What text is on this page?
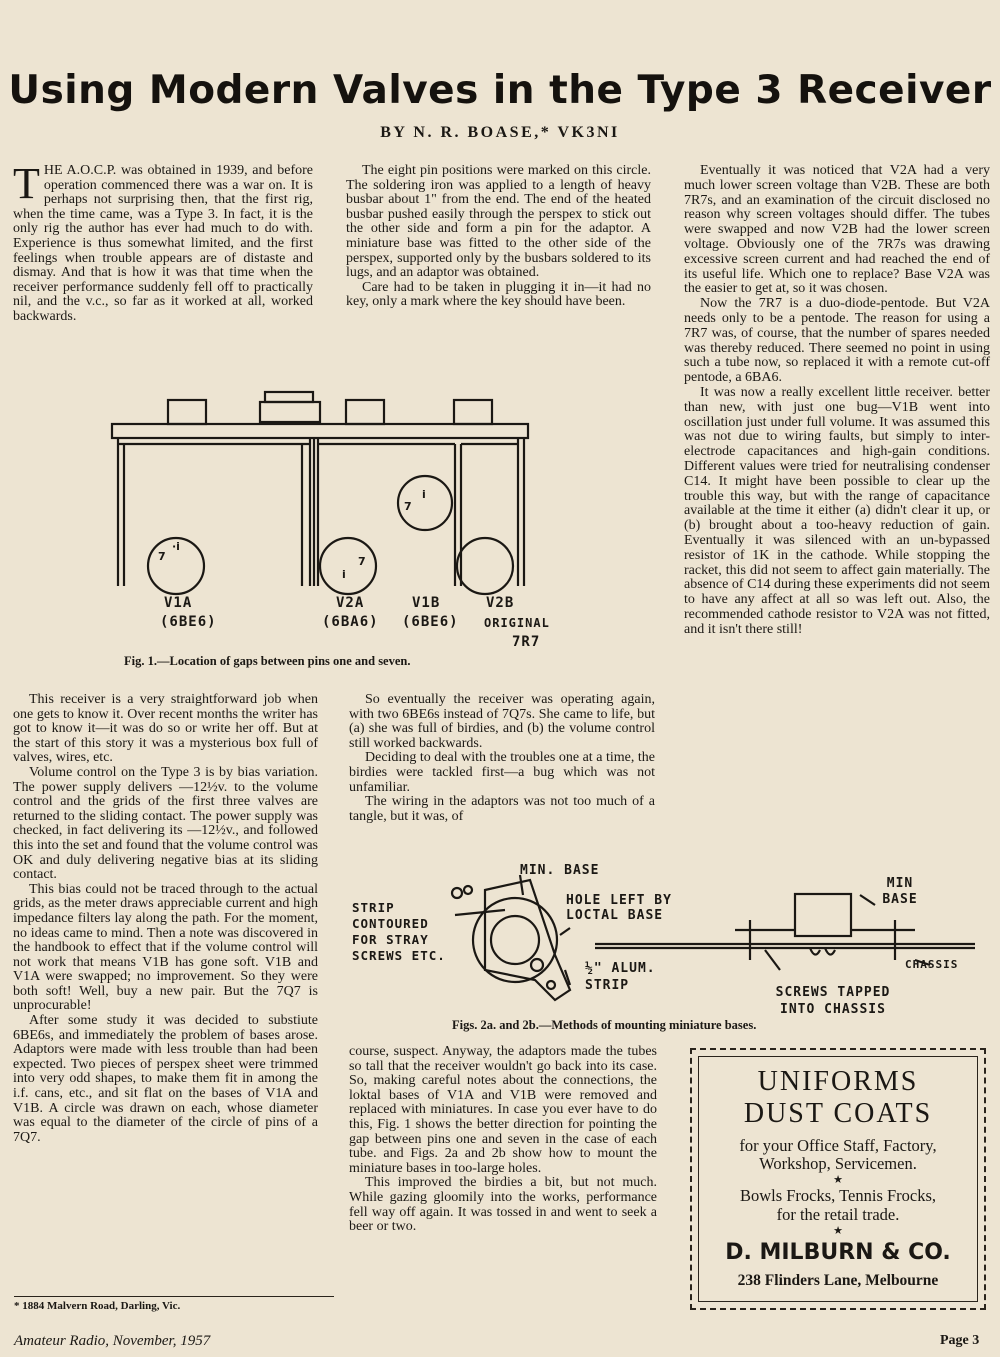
Using Modern Valves in the Type 3 Receiver
BY N. R. BOASE,* VK3NI

THE A.O.C.P. was obtained in 1939, and before operation commenced there was a war on. It is perhaps not surprising then, that the first rig, when the time came, was a Type 3. In fact, it is the only rig the author has ever had much to do with. Experience is thus somewhat limited, and the first feelings when trouble appears are of distaste and dismay. And that is how it was that time when the receiver performance suddenly fell off to practically nil, and the v.c., so far as it worked at all, worked backwards.

The eight pin positions were marked on this circle. The soldering iron was applied to a length of heavy busbar about 1" from the end. The end of the heated busbar pushed easily through the perspex to stick out the other side and form a pin for the adaptor. A miniature base was fitted to the other side of the perspex, supported only by the busbars soldered to its lugs, and an adaptor was obtained.

Care had to be taken in plugging it in—it had no key, only a mark where the key should have been.

Eventually it was noticed that V2A had a very much lower screen voltage than V2B. These are both 7R7s, and an examination of the circuit disclosed no reason why screen voltages should differ. The tubes were swapped and now V2B had the lower screen voltage. Obviously one of the 7R7s was drawing excessive screen current and had reached the end of its useful life. Which one to replace? Base V2A was the easier to get at, so it was chosen.

Now the 7R7 is a duo-diode-pentode. But V2A needs only to be a pentode. The reason for using a 7R7 was, of course, that the number of spares needed was thereby reduced. There seemed no point in using such a tube now, so replaced it with a remote cut-off pentode, a 6BA6.

It was now a really excellent little receiver. better than new, with just one bug—V1B went into oscillation just under full volume. It was assumed this was not due to wiring faults, but simply to inter-electrode capacitances and high-gain conditions. Different values were tried for neutralising condenser C14. It might have been possible to clear up the trouble this way, but with the range of capacitance available at the time it either (a) didn't clear it up, or (b) brought about a too-heavy reduction of gain. Eventually it was silenced with an un-bypassed resistor of 1K in the cathode. While stopping the racket, this did not seem to affect gain materially. The absence of C14 during these experiments did not seem to have any affect at all so was left out. Also, the recommended cathode resistor to V2A was not fitted, and it isn't there still!

7
·i
7
i
7
i
V1A
(6BE6)
V2A
(6BA6)
V1B
(6BE6)
V2B
ORIGINAL
7R7
Fig. 1.—Location of gaps between pins one and seven.

This receiver is a very straightforward job when one gets to know it. Over recent months the writer has got to know it—it was do so or write her off. But at the start of this story it was a mysterious box full of valves, wires, etc.

Volume control on the Type 3 is by bias variation. The power supply delivers —12½v. to the volume control and the grids of the first three valves are returned to the sliding contact. The power supply was checked, in fact delivering its —12½v., and followed this into the set and found that the volume control was OK and duly delivering negative bias at its sliding contact.

This bias could not be traced through to the actual grids, as the meter draws appreciable current and high impedance filters lay along the path. For the moment, no ideas came to mind. Then a note was discovered in the handbook to effect that if the volume control will not work that means V1B has gone soft. V1B and V1A were swapped; no improvement. So they were both soft! Well, buy a new pair. But the 7Q7 is unprocurable!

After some study it was decided to substiute 6BE6s, and immediately the problem of bases arose. Adaptors were made with less trouble than had been expected. Two pieces of perspex sheet were trimmed into very odd shapes, to make them fit in among the i.f. cans, etc., and sit flat on the bases of V1A and V1B. A circle was drawn on each, whose diameter was equal to the diameter of the circle of pins of a 7Q7.

So eventually the receiver was operating again, with two 6BE6s instead of 7Q7s. She came to life, but (a) she was full of birdies, and (b) the volume control still worked backwards.

Deciding to deal with the troubles one at a time, the birdies were tackled first—a bug which was not unfamiliar.

The wiring in the adaptors was not too much of a tangle, but it was, of

MIN. BASE
STRIP CONTOURED FOR STRAY SCREWS ETC.
HOLE LEFT BY LOCTAL BASE
½" ALUM. STRIP
MIN BASE
CHASSIS
SCREWS TAPPED INTO CHASSIS
Figs. 2a. and 2b.—Methods of mounting miniature bases.

course, suspect. Anyway, the adaptors made the tubes so tall that the receiver wouldn't go back into its case. So, making careful notes about the connections, the loktal bases of V1A and V1B were removed and replaced with miniatures. In case you ever have to do this, Fig. 1 shows the better direction for pointing the gap between pins one and seven in the case of each tube. and Figs. 2a and 2b show how to mount the miniature bases in too-large holes.

This improved the birdies a bit, but not much. While gazing gloomily into the works, performance fell way off again. It was tossed in and went to seek a beer or two.

UNIFORMS
DUST COATS
for your Office Staff, Factory,
Workshop, Servicemen.
★
Bowls Frocks, Tennis Frocks,
for the retail trade.
★
D. MILBURN & CO.
238 Flinders Lane, Melbourne
* 1884 Malvern Road, Darling, Vic.
Amateur Radio, November, 1957	Page 3
